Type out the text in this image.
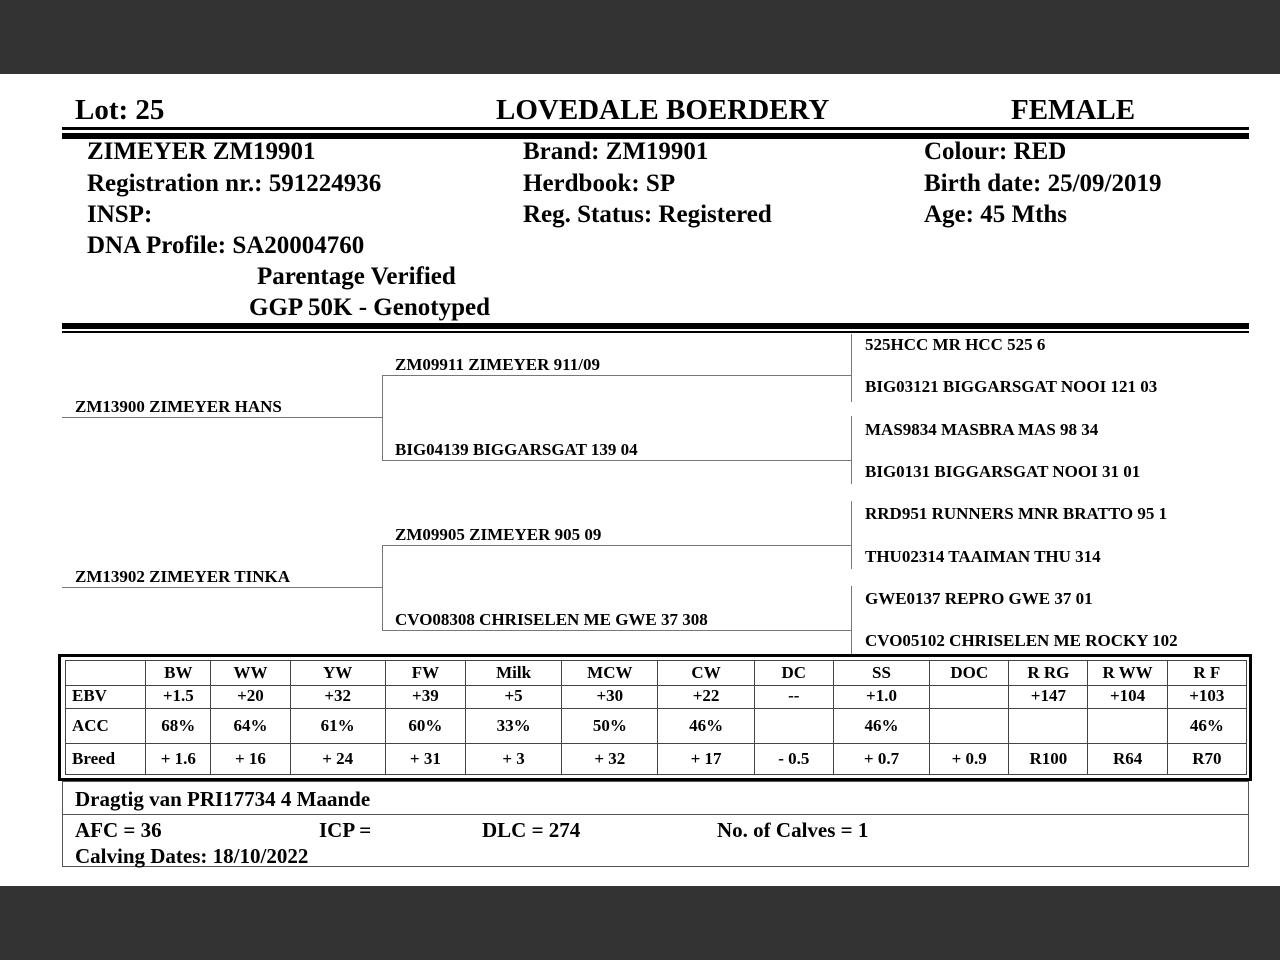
Lot: 25	LOVEDALE BOERDERY	FEMALE
ZIMEYER ZM19901
Registration nr.: 591224936
INSP:
DNA Profile: SA20004760
Parentage Verified
GGP 50K - Genotyped
Brand: ZM19901
Herdbook: SP
Reg. Status: Registered
Colour: RED
Birth date: 25/09/2019
Age: 45 Mths
ZM13900 ZIMEYER HANS
ZM13902 ZIMEYER TINKA
ZM09911 ZIMEYER 911/09
BIG04139 BIGGARSGAT 139 04
ZM09905 ZIMEYER 905 09
CVO08308 CHRISELEN ME GWE 37 308
525HCC MR HCC 525 6
BIG03121 BIGGARSGAT NOOI 121 03
MAS9834 MASBRA MAS 98 34
BIG0131 BIGGARSGAT NOOI 31 01
RRD951 RUNNERS MNR BRATTO 95 1
THU02314 TAAIMAN THU 314
GWE0137 REPRO GWE 37 01
CVO05102 CHRISELEN ME ROCKY 102
	BW	WW	YW	FW	Milk	MCW	CW	DC	SS	DOC	R RG	R WW	R F
EBV	+1.5	+20	+32	+39	+5	+30	+22	--	+1.0		+147	+104	+103
ACC	68%	64%	61%	60%	33%	50%	46%		46%				46%
Breed	+ 1.6	+ 16	+ 24	+ 31	+ 3	+ 32	+ 17	- 0.5	+ 0.7	+ 0.9	R100	R64	R70
Dragtig van PRI17734 4 Maande
AFC = 36	ICP =	DLC = 274	No. of Calves = 1
Calving Dates: 18/10/2022
